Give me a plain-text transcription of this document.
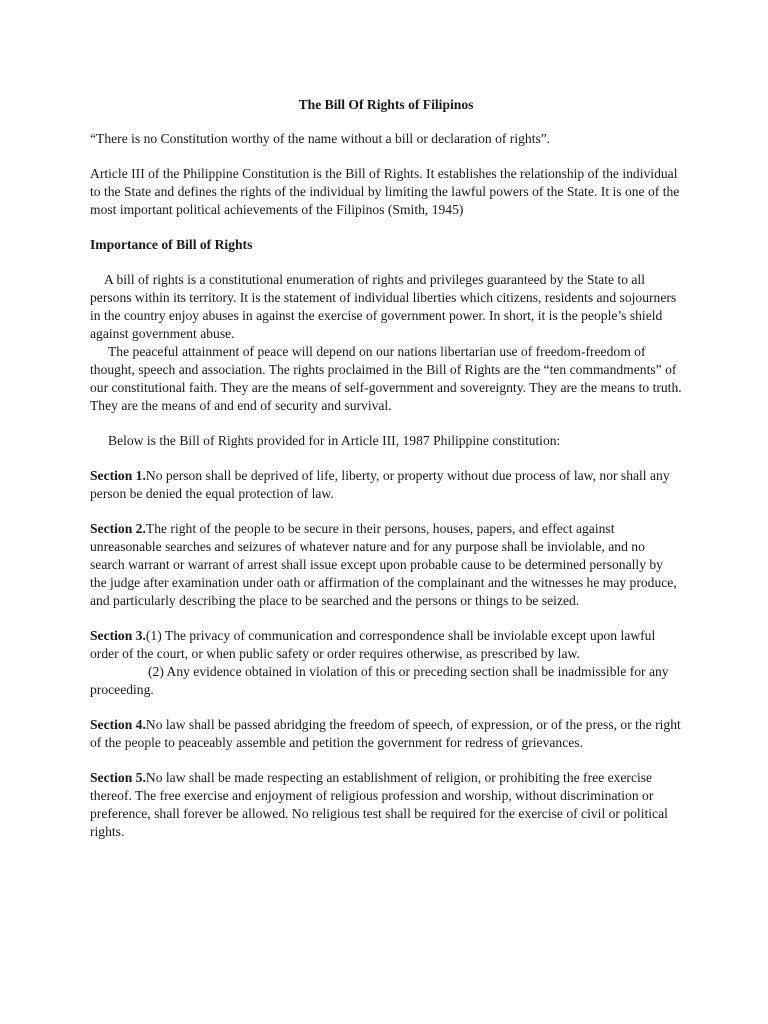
The Bill Of Rights of Filipinos

“There is no Constitution worthy of the name without a bill or declaration of rights”.

Article III of the Philippine Constitution is the Bill of Rights. It establishes the relationship of the individual to the State and defines the rights of the individual by limiting the lawful powers of the State. It is one of the most important political achievements of the Filipinos (Smith, 1945)

Importance of Bill of Rights

A bill of rights is a constitutional enumeration of rights and privileges guaranteed by the State to all persons within its territory. It is the statement of individual liberties which citizens, residents and sojourners in the country enjoy abuses in against the exercise of government power. In short, it is the people’s shield against government abuse.

The peaceful attainment of peace will depend on our nations libertarian use of freedom-freedom of thought, speech and association. The rights proclaimed in the Bill of Rights are the “ten commandments” of our constitutional faith. They are the means of self-government and sovereignty. They are the means to truth. They are the means of and end of security and survival.

Below is the Bill of Rights provided for in Article III, 1987 Philippine constitution:

Section 1.No person shall be deprived of life, liberty, or property without due process of law, nor shall any person be denied the equal protection of law.

Section 2.The right of the people to be secure in their persons, houses, papers, and effect against unreasonable searches and seizures of whatever nature and for any purpose shall be inviolable, and no search warrant or warrant of arrest shall issue except upon probable cause to be determined personally by the judge after examination under oath or affirmation of the complainant and the witnesses he may produce, and particularly describing the place to be searched and the persons or things to be seized.

Section 3.(1) The privacy of communication and correspondence shall be inviolable except upon lawful order of the court, or when public safety or order requires otherwise, as prescribed by law.

(2) Any evidence obtained in violation of this or preceding section shall be inadmissible for any proceeding.

Section 4.No law shall be passed abridging the freedom of speech, of expression, or of the press, or the right of the people to peaceably assemble and petition the government for redress of grievances.

Section 5.No law shall be made respecting an establishment of religion, or prohibiting the free exercise thereof. The free exercise and enjoyment of religious profession and worship, without discrimination or preference, shall forever be allowed. No religious test shall be required for the exercise of civil or political rights.
